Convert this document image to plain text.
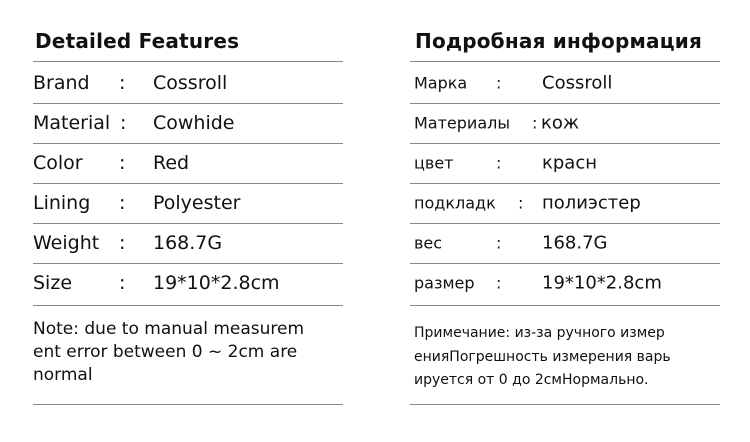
Detailed Features
Brand : Cossroll
Material : Cowhide
Color : Red
Lining : Polyester
Weight : 168.7G
Size : 19*10*2.8cm
Note: due to manual measurem
ent error between 0 ~ 2cm are
normal
Подробная информация
Марка : Cossroll
Материалы : кож
цвет	: красн
подкладк : полиэстер
вес	: 168.7G
размер : 19*10*2.8cm
Примечание: из-за ручного измер
енияПогрешность измерения варь
ируется от 0 до 2смНормально.
